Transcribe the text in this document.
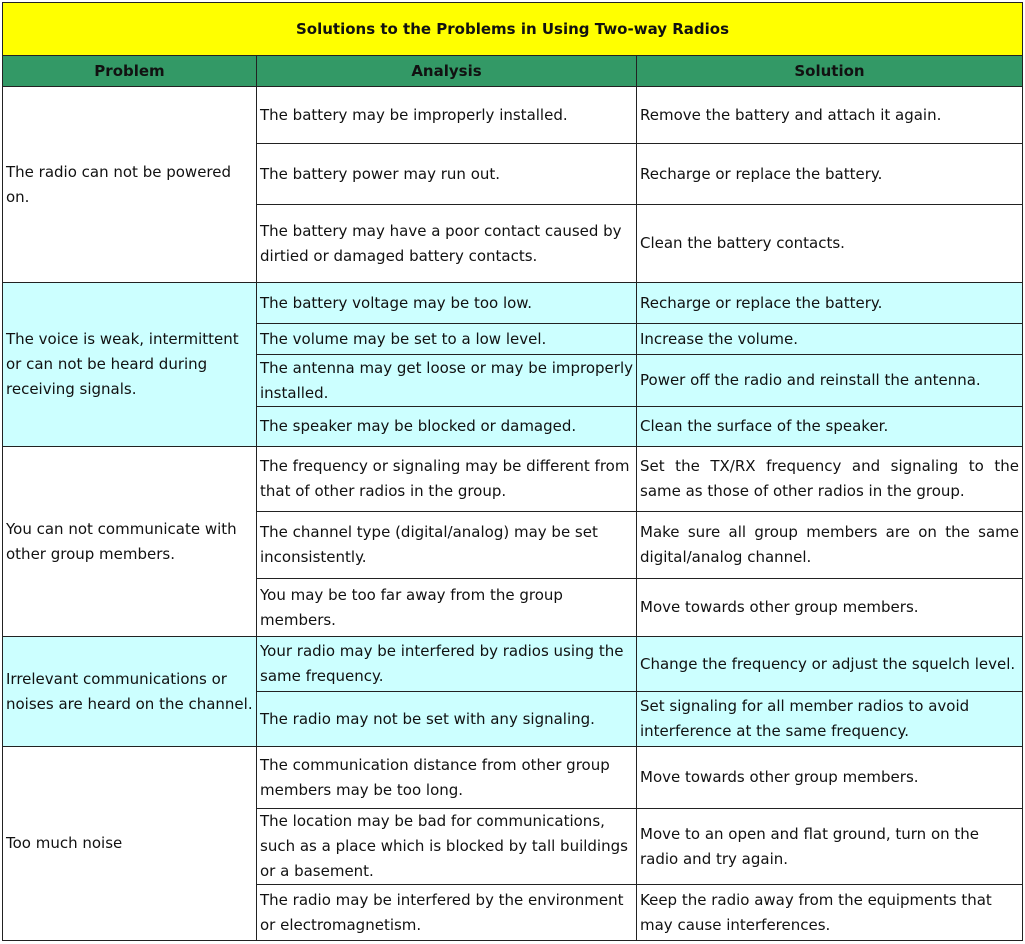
Solutions to the Problems in Using Two-way Radios		
Problem	Analysis	Solution
The radio can not be powered on.	The battery may be improperly installed.	Remove the battery and attach it again.
	The battery power may run out.	Recharge or replace the battery.
	The battery may have a poor contact caused by dirtied or damaged battery contacts.	Clean the battery contacts.
The voice is weak, intermittent or can not be heard during receiving signals.	The battery voltage may be too low.	Recharge or replace the battery.
	The volume may be set to a low level.	Increase the volume.
	The antenna may get loose or may be improperly installed.	Power off the radio and reinstall the antenna.
	The speaker may be blocked or damaged.	Clean the surface of the speaker.
You can not communicate with other group members.	The frequency or signaling may be different from that of other radios in the group.	Set the TX/RX frequency and signaling to the same as those of other radios in the group.
	The channel type (digital/analog) may be set inconsistently.	Make sure all group members are on the same digital/analog channel.
	You may be too far away from the group members.	Move towards other group members.
Irrelevant communications or noises are heard on the channel.	Your radio may be interfered by radios using the same frequency.	Change the frequency or adjust the squelch level.
	The radio may not be set with any signaling.	Set signaling for all member radios to avoid interference at the same frequency.
Too much noise	The communication distance from other group members may be too long.	Move towards other group members.
	The location may be bad for communications, such as a place which is blocked by tall buildings or a basement.	Move to an open and flat ground, turn on the radio and try again.
	The radio may be interfered by the environment or electromagnetism.	Keep the radio away from the equipments that may cause interferences.
